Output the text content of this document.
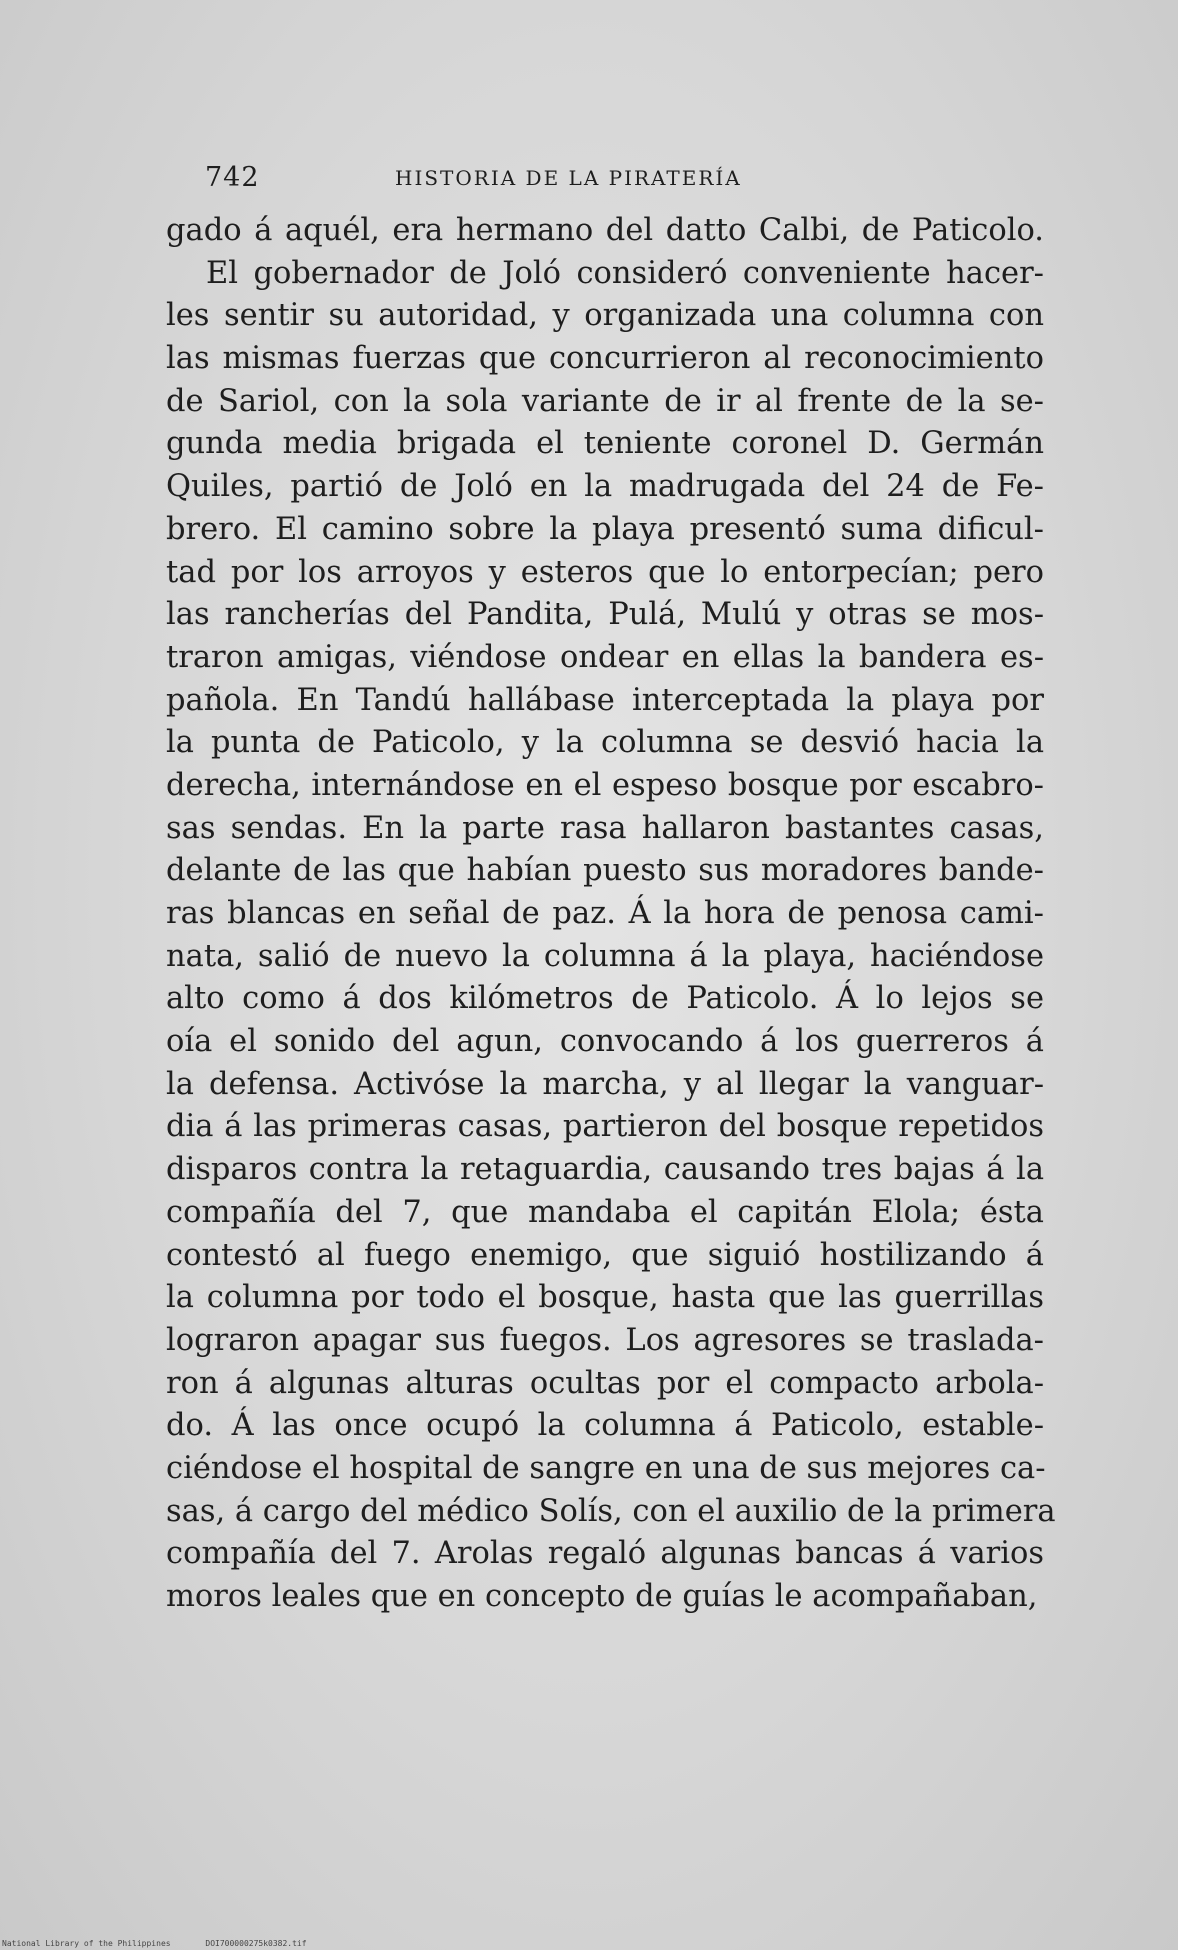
742	HISTORIA DE LA PIRATERÍA
gado á aquél, era hermano del datto Calbi, de Paticolo.
El gobernador de Joló consideró conveniente hacer-
les sentir su autoridad, y organizada una columna con
las mismas fuerzas que concurrieron al reconocimiento
de Sariol, con la sola variante de ir al frente de la se-
gunda media brigada el teniente coronel D. Germán
Quiles, partió de Joló en la madrugada del 24 de Fe-
brero. El camino sobre la playa presentó suma dificul-
tad por los arroyos y esteros que lo entorpecían; pero
las rancherías del Pandita, Pulá, Mulú y otras se mos-
traron amigas, viéndose ondear en ellas la bandera es-
pañola. En Tandú hallábase interceptada la playa por
la punta de Paticolo, y la columna se desvió hacia la
derecha, internándose en el espeso bosque por escabro-
sas sendas. En la parte rasa hallaron bastantes casas,
delante de las que habían puesto sus moradores bande-
ras blancas en señal de paz. Á la hora de penosa cami-
nata, salió de nuevo la columna á la playa, haciéndose
alto como á dos kilómetros de Paticolo. Á lo lejos se
oía el sonido del agun, convocando á los guerreros á
la defensa. Activóse la marcha, y al llegar la vanguar-
dia á las primeras casas, partieron del bosque repetidos
disparos contra la retaguardia, causando tres bajas á la
compañía del 7, que mandaba el capitán Elola; ésta
contestó al fuego enemigo, que siguió hostilizando á
la columna por todo el bosque, hasta que las guerrillas
lograron apagar sus fuegos. Los agresores se traslada-
ron á algunas alturas ocultas por el compacto arbola-
do. Á las once ocupó la columna á Paticolo, estable-
ciéndose el hospital de sangre en una de sus mejores ca-
sas, á cargo del médico Solís, con el auxilio de la primera
compañía del 7. Arolas regaló algunas bancas á varios
moros leales que en concepto de guías le acompañaban,
National Library of the Philippines	DOI700000275k0382.tif
